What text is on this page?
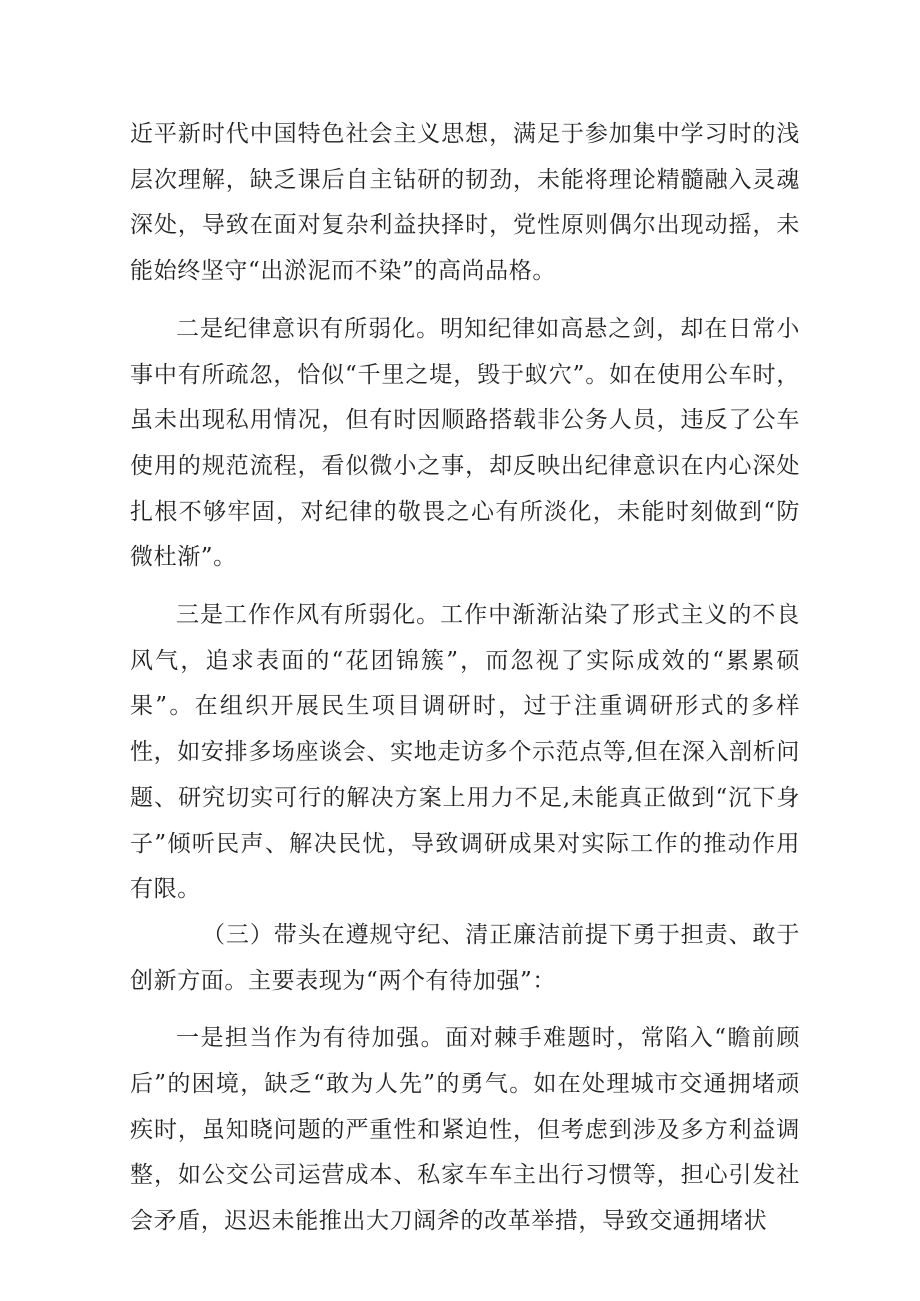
近平新时代中国特色社会主义思想，满足于参加集中学习时的浅层次理解，缺乏课后自主钻研的韧劲，未能将理论精髓融入灵魂深处，导致在面对复杂利益抉择时，党性原则偶尔出现动摇，未能始终坚守“出淤泥而不染”的高尚品格。

二是纪律意识有所弱化。明知纪律如高悬之剑，却在日常小事中有所疏忽，恰似“千里之堤，毁于蚁穴”。如在使用公车时，虽未出现私用情况，但有时因顺路搭载非公务人员，违反了公车使用的规范流程，看似微小之事，却反映出纪律意识在内心深处扎根不够牢固，对纪律的敬畏之心有所淡化，未能时刻做到“防微杜渐”。

三是工作作风有所弱化。工作中渐渐沾染了形式主义的不良风气，追求表面的“花团锦簇”，而忽视了实际成效的“累累硕果”。在组织开展民生项目调研时，过于注重调研形式的多样性，如安排多场座谈会、实地走访多个示范点等,但在深入剖析问题、研究切实可行的解决方案上用力不足,未能真正做到“沉下身子”倾听民声、解决民忧，导致调研成果对实际工作的推动作用有限。

（三）带头在遵规守纪、清正廉洁前提下勇于担责、敢于创新方面。主要表现为“两个有待加强”：

一是担当作为有待加强。面对棘手难题时，常陷入“瞻前顾后”的困境，缺乏“敢为人先”的勇气。如在处理城市交通拥堵顽疾时，虽知晓问题的严重性和紧迫性，但考虑到涉及多方利益调整，如公交公司运营成本、私家车车主出行习惯等，担心引发社会矛盾，迟迟未能推出大刀阔斧的改革举措，导致交通拥堵状
